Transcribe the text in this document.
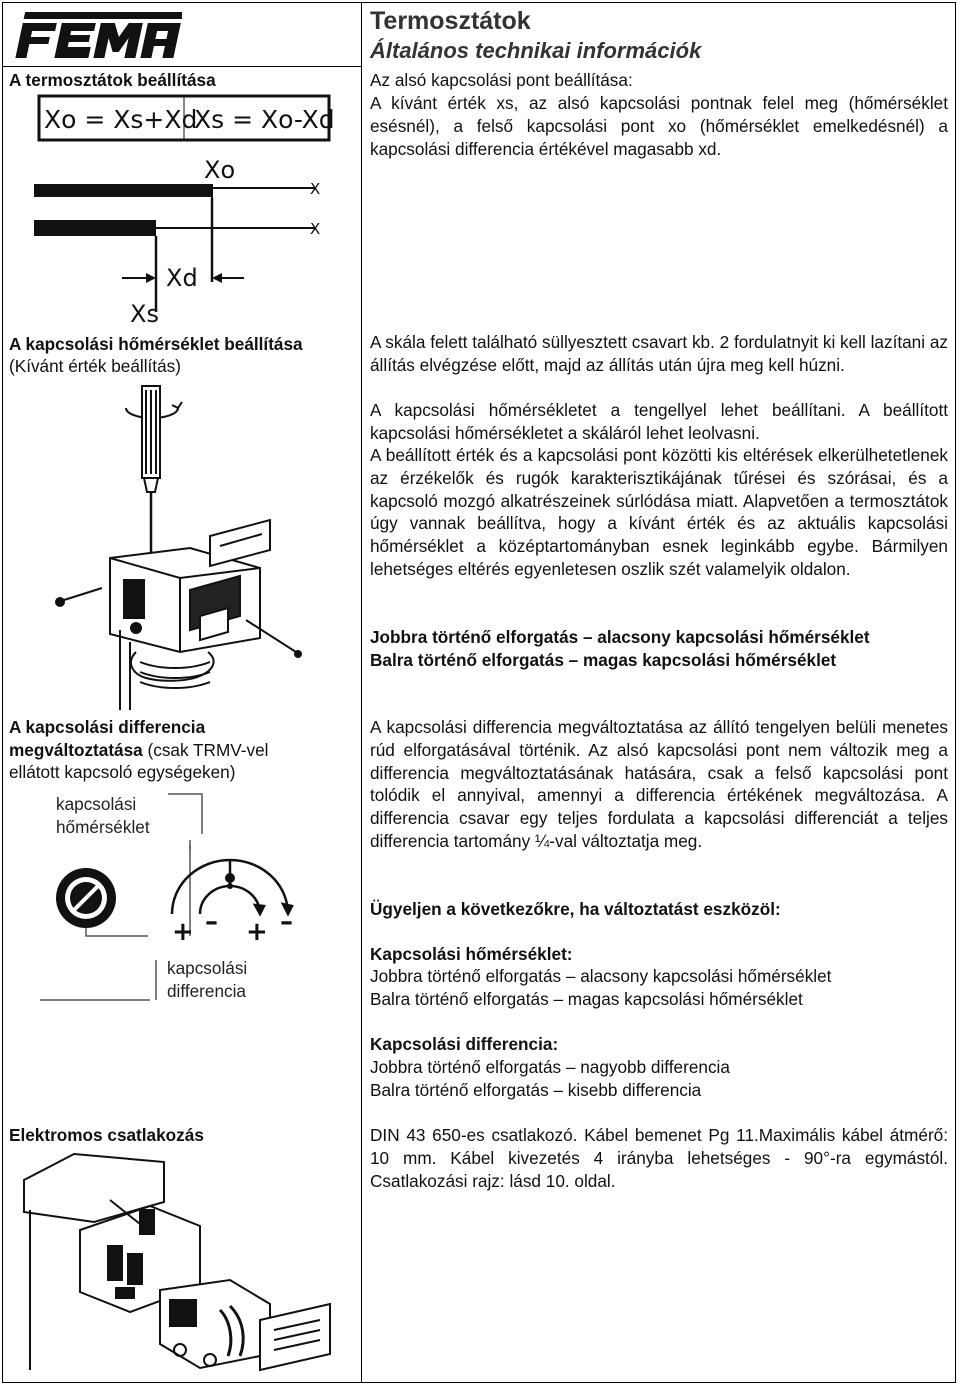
Termosztátok
Általános technikai információk
A termosztátok beállítása
Xo = Xs+Xd
Xs = Xo-Xd
Xo
X
X
Xd
Xs
Az alsó kapcsolási pont beállítása:
A kívánt érték xs, az alsó kapcsolási pontnak felel meg (hőmérséklet esésnél), a felső kapcsolási pont xo (hőmérséklet emelkedésnél) a kapcsolási differencia értékével magasabb xd.
A kapcsolási hőmérséklet beállítása
(Kívánt érték beállítás)
A skála felett található süllyesztett csavart kb. 2 fordulatnyit ki kell lazítani az állítás elvégzése előtt, majd az állítás után újra meg kell húzni.
A kapcsolási hőmérsékletet a tengellyel lehet beállítani. A beállított kapcsolási hőmérsékletet a skáláról lehet leolvasni.
A beállított érték és a kapcsolási pont közötti kis eltérések elkerülhetetlenek az érzékelők és rugók karakterisztikájának tűrései és szórásai, és a kapcsoló mozgó alkatrészeinek súrlódása miatt. Alapvetően a termosztátok úgy vannak beállítva, hogy a kívánt érték és az aktuális kapcsolási hőmérséklet a középtartományban esnek leginkább egybe. Bármilyen lehetséges eltérés egyenletesen oszlik szét valamelyik oldalon.
Jobbra történő elforgatás – alacsony kapcsolási hőmérséklet
Balra történő elforgatás – magas kapcsolási hőmérséklet
A kapcsolási differencia
megváltoztatása (csak TRMV-vel
ellátott kapcsoló egységeken)
kapcsolási
hőmérséklet
kapcsolási
differencia
+ – + –
A kapcsolási differencia megváltoztatása az állító tengelyen belüli menetes rúd elforgatásával történik. Az alsó kapcsolási pont nem változik meg a differencia megváltoztatásának hatására, csak a felső kapcsolási pont tolódik el annyival, amennyi a differencia értékének megváltozása. A differencia csavar egy teljes fordulata a kapcsolási differenciát a teljes differencia tartomány ¼-val változtatja meg.
Ügyeljen a következőkre, ha változtatást eszközöl:
Kapcsolási hőmérséklet:
Jobbra történő elforgatás – alacsony kapcsolási hőmérséklet
Balra történő elforgatás – magas kapcsolási hőmérséklet
Kapcsolási differencia:
Jobbra történő elforgatás – nagyobb differencia
Balra történő elforgatás – kisebb differencia
Elektromos csatlakozás	DIN 43 650-es csatlakozó. Kábel bemenet Pg 11.Maximális kábel átmérő: 10 mm. Kábel kivezetés 4 irányba lehetséges - 90°-ra egymástól. Csatlakozási rajz: lásd 10. oldal.
